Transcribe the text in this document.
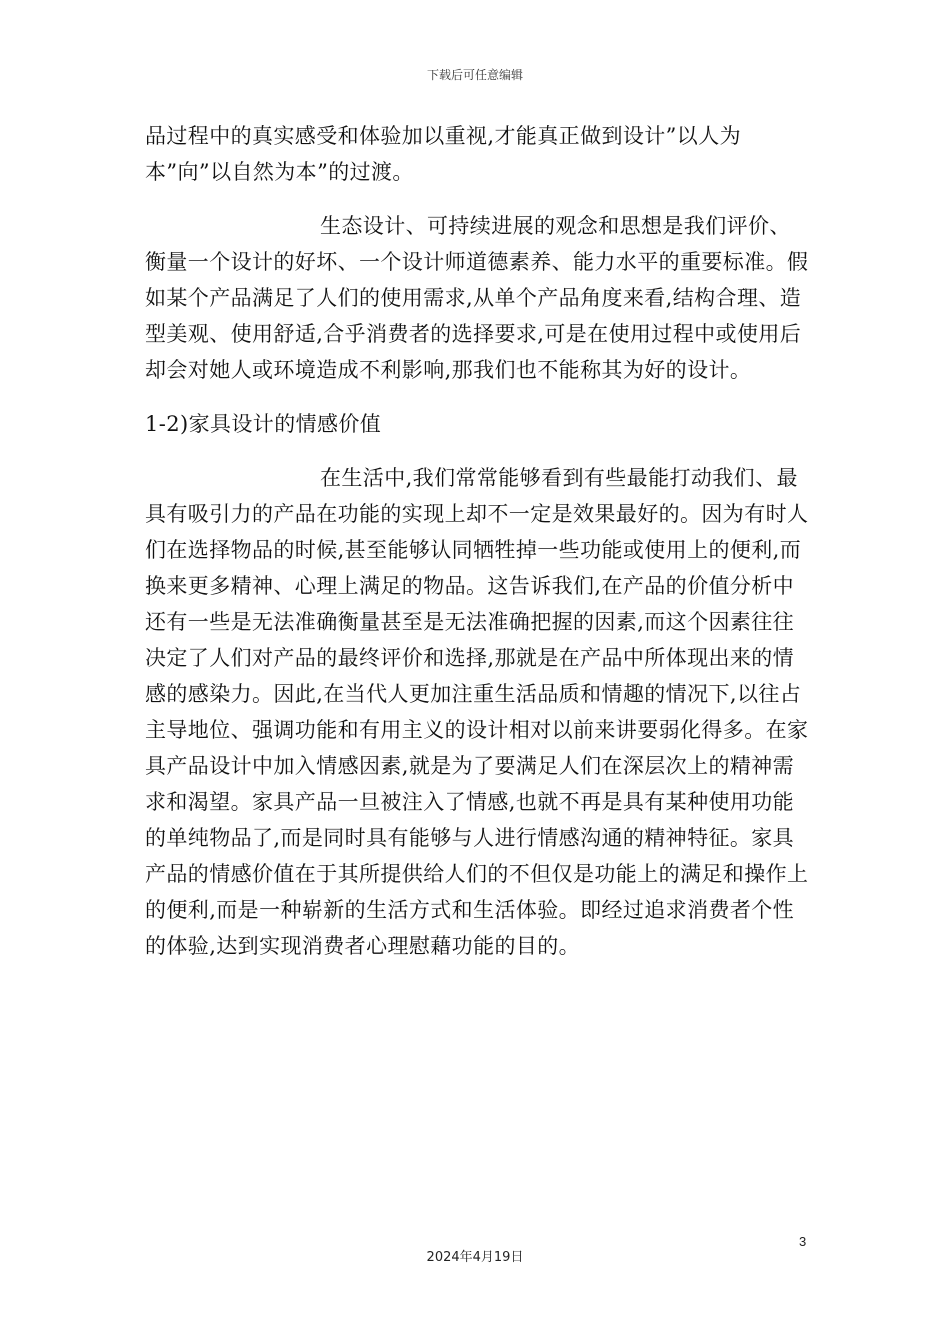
下载后可任意编辑

品过程中的真实感受和体验加以重视,才能真正做到设计”以人为本”向”以自然为本”的过渡。

生态设计、可持续进展的观念和思想是我们评价、衡量一个设计的好坏、一个设计师道德素养、能力水平的重要标准。假如某个产品满足了人们的使用需求,从单个产品角度来看,结构合理、造型美观、使用舒适,合乎消费者的选择要求,可是在使用过程中或使用后却会对她人或环境造成不利影响,那我们也不能称其为好的设计。

1-2)家具设计的情感价值

在生活中,我们常常能够看到有些最能打动我们、最具有吸引力的产品在功能的实现上却不一定是效果最好的。因为有时人们在选择物品的时候,甚至能够认同牺牲掉一些功能或使用上的便利,而换来更多精神、心理上满足的物品。这告诉我们,在产品的价值分析中还有一些是无法准确衡量甚至是无法准确把握的因素,而这个因素往往决定了人们对产品的最终评价和选择,那就是在产品中所体现出来的情感的感染力。因此,在当代人更加注重生活品质和情趣的情况下,以往占主导地位、强调功能和有用主义的设计相对以前来讲要弱化得多。在家具产品设计中加入情感因素,就是为了要满足人们在深层次上的精神需求和渴望。家具产品一旦被注入了情感,也就不再是具有某种使用功能的单纯物品了,而是同时具有能够与人进行情感沟通的精神特征。家具产品的情感价值在于其所提供给人们的不但仅是功能上的满足和操作上的便利,而是一种崭新的生活方式和生活体验。即经过追求消费者个性的体验,达到实现消费者心理慰藉功能的目的。

3
2024年4月19日
